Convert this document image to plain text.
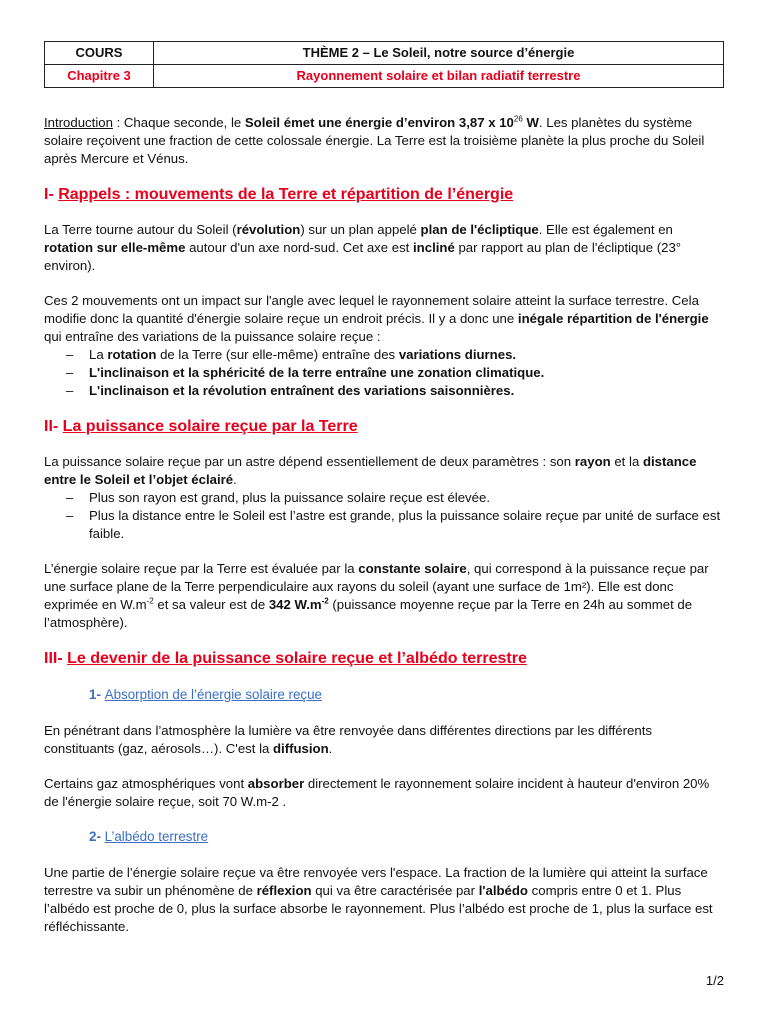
COURS	THÈME 2 – Le Soleil, notre source d’énergie
Chapitre 3	Rayonnement solaire et bilan radiatif terrestre

Introduction : Chaque seconde, le Soleil émet une énergie d’environ 3,87 x $10^{26}$ W. Les planètes du système solaire reçoivent une fraction de cette colossale énergie. La Terre est la troisième planète la plus proche du Soleil après Mercure et Vénus.

I- Rappels : mouvements de la Terre et répartition de l’énergie

La Terre tourne autour du Soleil (révolution) sur un plan appelé plan de l'écliptique. Elle est également en rotation sur elle-même autour d'un axe nord-sud. Cet axe est incliné par rapport au plan de l'écliptique (23° environ).

Ces 2 mouvements ont un impact sur l'angle avec lequel le rayonnement solaire atteint la surface terrestre. Cela modifie donc la quantité d'énergie solaire reçue un endroit précis. Il y a donc une inégale répartition de l'énergie qui entraîne des variations de la puissance solaire reçue :

– La rotation de la Terre (sur elle-même) entraîne des variations diurnes.
– L'inclinaison et la sphéricité de la terre entraîne une zonation climatique.
– L'inclinaison et la révolution entraînent des variations saisonnières.
II- La puissance solaire reçue par la Terre

La puissance solaire reçue par un astre dépend essentiellement de deux paramètres : son rayon et la distance entre le Soleil et l’objet éclairé.

– Plus son rayon est grand, plus la puissance solaire reçue est élevée.
– Plus la distance entre le Soleil est l’astre est grande, plus la puissance solaire reçue par unité de surface est faible.

L’énergie solaire reçue par la Terre est évaluée par la constante solaire, qui correspond à la puissance reçue par une surface plane de la Terre perpendiculaire aux rayons du soleil (ayant une surface de 1m²). Elle est donc exprimée en $W.m^{-2}$ et sa valeur est de 342 $W.m^{-2}$ (puissance moyenne reçue par la Terre en 24h au sommet de l’atmosphère).

III- Le devenir de la puissance solaire reçue et l’albédo terrestre
1- Absorption de l’énergie solaire reçue

En pénétrant dans l’atmosphère la lumière va être renvoyée dans différentes directions par les différents constituants (gaz, aérosols…). C'est la diffusion.

Certains gaz atmosphériques vont absorber directement le rayonnement solaire incident à hauteur d'environ 20% de l'énergie solaire reçue, soit 70 W.m-2 .

2- L’albédo terrestre

Une partie de l’énergie solaire reçue va être renvoyée vers l'espace. La fraction de la lumière qui atteint la surface terrestre va subir un phénomène de réflexion qui va être caractérisée par l'albédo compris entre 0 et 1. Plus l’albédo est proche de 0, plus la surface absorbe le rayonnement. Plus l’albédo est proche de 1, plus la surface est réfléchissante.

1/2
